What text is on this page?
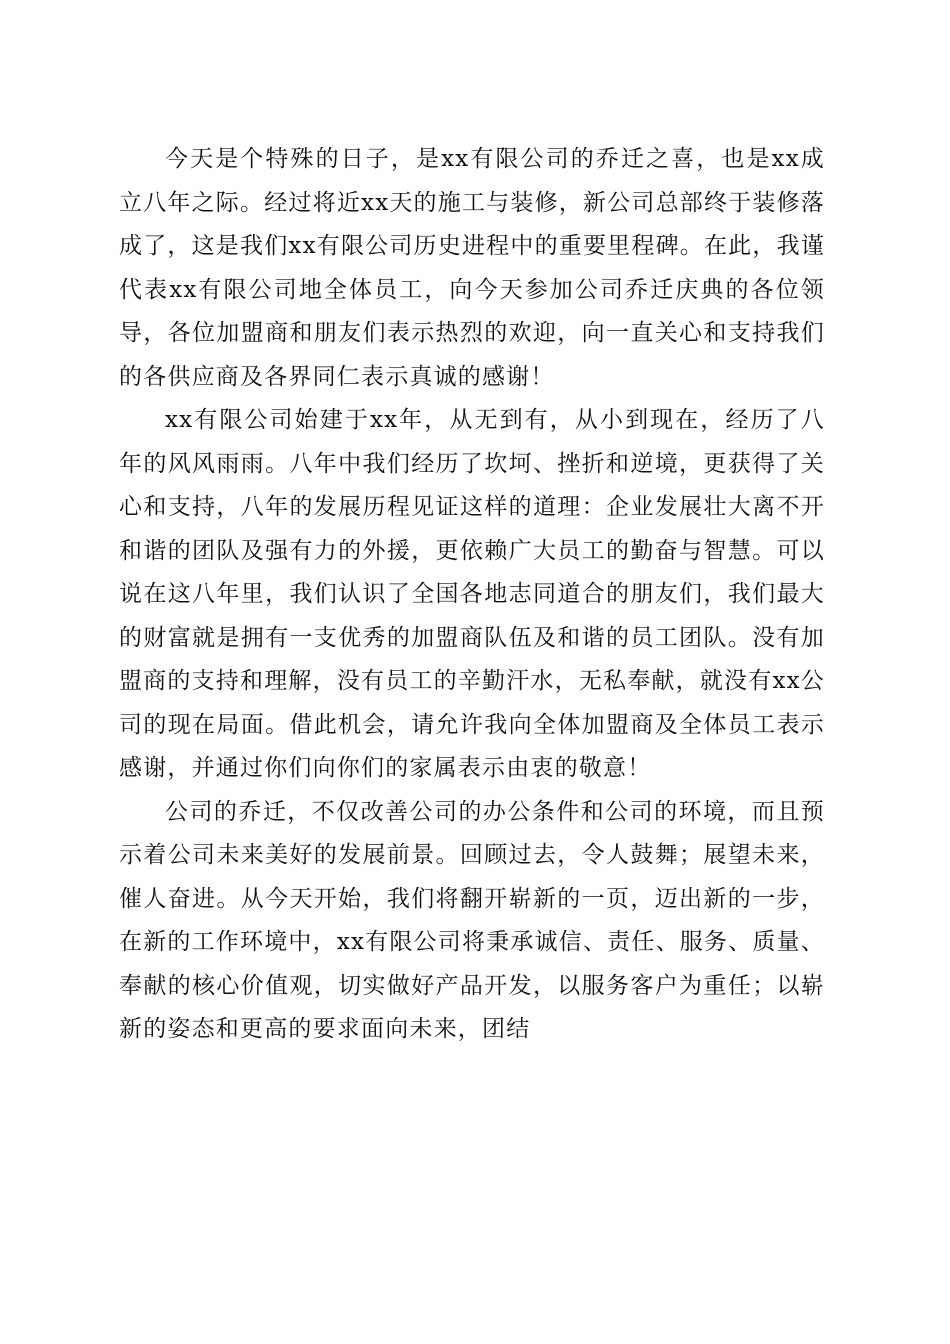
今天是个特殊的日子，是xx有限公司的乔迁之喜，也是xx成立八年之际。经过将近xx天的施工与装修，新公司总部终于装修落成了，这是我们xx有限公司历史进程中的重要里程碑。在此，我谨代表xx有限公司地全体员工，向今天参加公司乔迁庆典的各位领导，各位加盟商和朋友们表示热烈的欢迎，向一直关心和支持我们的各供应商及各界同仁表示真诚的感谢！

xx有限公司始建于xx年，从无到有，从小到现在，经历了八年的风风雨雨。八年中我们经历了坎坷、挫折和逆境，更获得了关心和支持，八年的发展历程见证这样的道理：企业发展壮大离不开和谐的团队及强有力的外援，更依赖广大员工的勤奋与智慧。可以说在这八年里，我们认识了全国各地志同道合的朋友们，我们最大的财富就是拥有一支优秀的加盟商队伍及和谐的员工团队。没有加盟商的支持和理解，没有员工的辛勤汗水，无私奉献，就没有xx公司的现在局面。借此机会，请允许我向全体加盟商及全体员工表示感谢，并通过你们向你们的家属表示由衷的敬意！

公司的乔迁，不仅改善公司的办公条件和公司的环境，而且预示着公司未来美好的发展前景。回顾过去，令人鼓舞；展望未来，催人奋进。从今天开始，我们将翻开崭新的一页，迈出新的一步，在新的工作环境中，xx有限公司将秉承诚信、责任、服务、质量、奉献的核心价值观，切实做好产品开发，以服务客户为重任；以崭新的姿态和更高的要求面向未来，团结
